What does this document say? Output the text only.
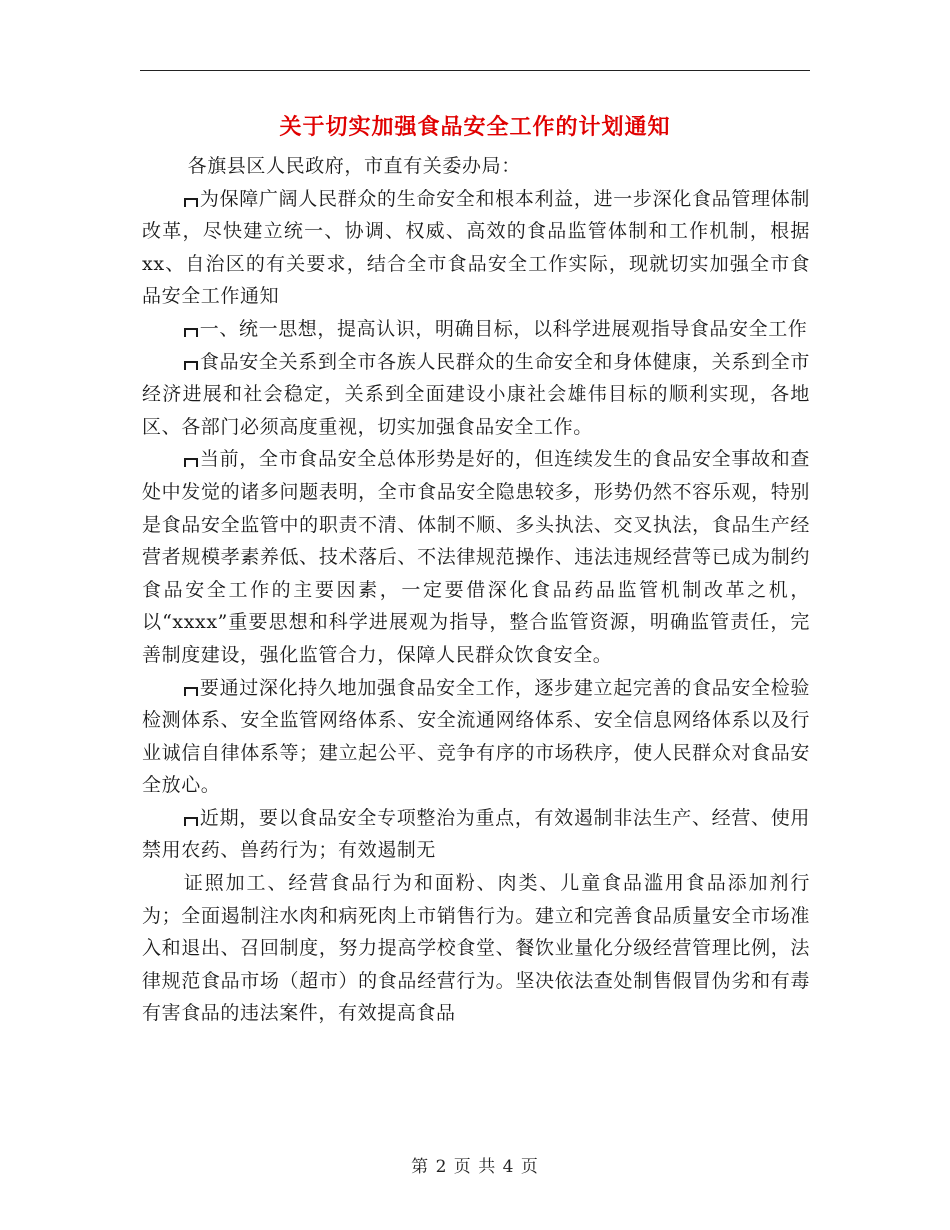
关于切实加强食品安全工作的计划通知

各旗县区人民政府，市直有关委办局：

为保障广阔人民群众的生命安全和根本利益，进一步深化食品管理体制改革，尽快建立统一、协调、权威、高效的食品监管体制和工作机制，根据xx、自治区的有关要求，结合全市食品安全工作实际，现就切实加强全市食品安全工作通知

一、统一思想，提高认识，明确目标，以科学进展观指导食品安全工作

食品安全关系到全市各族人民群众的生命安全和身体健康，关系到全市经济进展和社会稳定，关系到全面建设小康社会雄伟目标的顺利实现，各地区、各部门必须高度重视，切实加强食品安全工作。

当前，全市食品安全总体形势是好的，但连续发生的食品安全事故和查处中发觉的诸多问题表明，全市食品安全隐患较多，形势仍然不容乐观，特别是食品安全监管中的职责不清、体制不顺、多头执法、交叉执法，食品生产经营者规模孝素养低、技术落后、不法律规范操作、违法违规经营等已成为制约食品安全工作的主要因素，一定要借深化食品药品监管机制改革之机，以“xxxx”重要思想和科学进展观为指导，整合监管资源，明确监管责任，完善制度建设，强化监管合力，保障人民群众饮食安全。

要通过深化持久地加强食品安全工作，逐步建立起完善的食品安全检验检测体系、安全监管网络体系、安全流通网络体系、安全信息网络体系以及行业诚信自律体系等；建立起公平、竞争有序的市场秩序，使人民群众对食品安全放心。

近期，要以食品安全专项整治为重点，有效遏制非法生产、经营、使用禁用农药、兽药行为；有效遏制无

证照加工、经营食品行为和面粉、肉类、儿童食品滥用食品添加剂行为；全面遏制注水肉和病死肉上市销售行为。建立和完善食品质量安全市场准入和退出、召回制度，努力提高学校食堂、餐饮业量化分级经营管理比例，法律规范食品市场（超市）的食品经营行为。坚决依法查处制售假冒伪劣和有毒有害食品的违法案件，有效提高食品

第 2 页 共 4 页
